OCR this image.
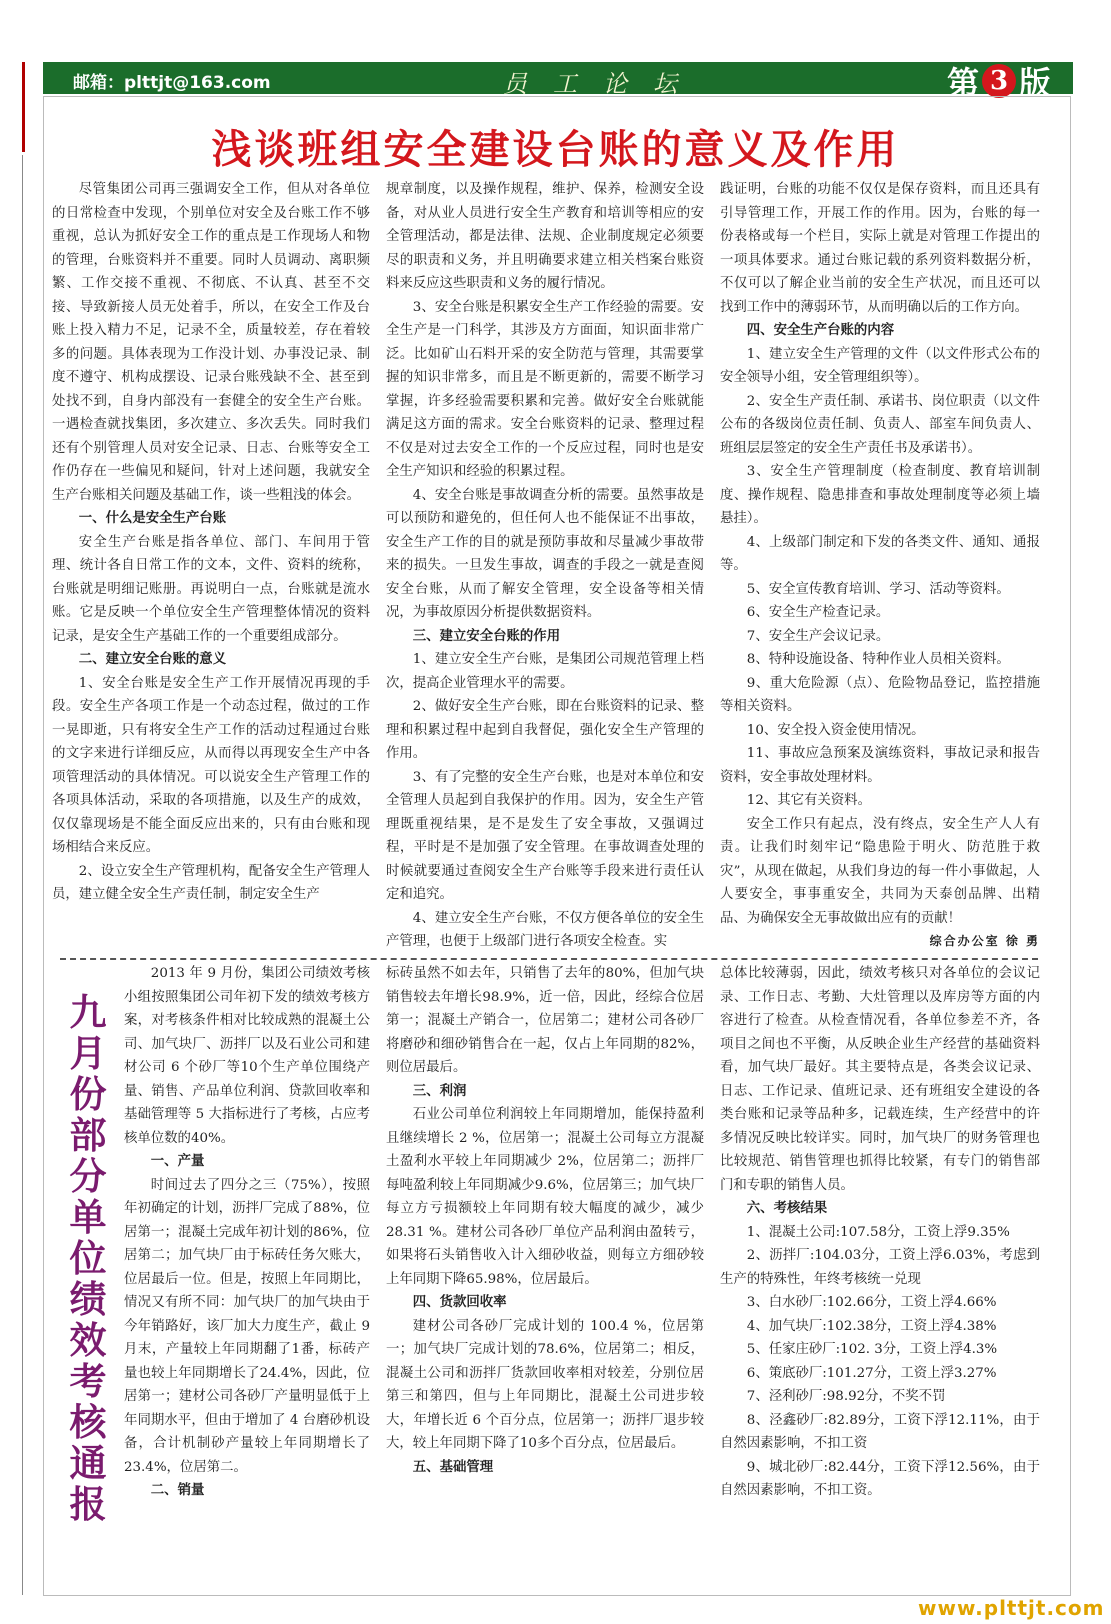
邮箱：plttjt@163.com	员工论坛	第 3 版
浅谈班组安全建设台账的意义及作用

尽管集团公司再三强调安全工作，但从对各单位的日常检查中发现，个别单位对安全及台账工作不够重视，总认为抓好安全工作的重点是工作现场人和物的管理，台账资料并不重要。同时人员调动、离职频繁、工作交接不重视、不彻底、不认真、甚至不交接、导致新接人员无处着手，所以，在安全工作及台账上投入精力不足，记录不全，质量较差，存在着较多的问题。具体表现为工作没计划、办事没记录、制度不遵守、机构成摆设、记录台账残缺不全、甚至到处找不到，自身内部没有一套健全的安全生产台账。一遇检查就找集团，多次建立、多次丢失。同时我们还有个别管理人员对安全记录、日志、台账等安全工作仍存在一些偏见和疑问，针对上述问题，我就安全生产台账相关问题及基础工作，谈一些粗浅的体会。

一、什么是安全生产台账

安全生产台账是指各单位、部门、车间用于管理、统计各自日常工作的文本，文件、资料的统称，台账就是明细记账册。再说明白一点，台账就是流水账。它是反映一个单位安全生产管理整体情况的资料记录，是安全生产基础工作的一个重要组成部分。

二、建立安全台账的意义

1、安全台账是安全生产工作开展情况再现的手段。安全生产各项工作是一个动态过程，做过的工作一晃即逝，只有将安全生产工作的活动过程通过台账的文字来进行详细反应，从而得以再现安全生产中各项管理活动的具体情况。可以说安全生产管理工作的各项具体活动，采取的各项措施，以及生产的成效，仅仅靠现场是不能全面反应出来的，只有由台账和现场相结合来反应。

2、设立安全生产管理机构，配备安全生产管理人员，建立健全安全生产责任制，制定安全生产

规章制度，以及操作规程，维护、保养，检测安全设备，对从业人员进行安全生产教育和培训等相应的安全管理活动，都是法律、法规、企业制度规定必须要尽的职责和义务，并且明确要求建立相关档案台账资料来反应这些职责和义务的履行情况。

3、安全台账是积累安全生产工作经验的需要。安全生产是一门科学，其涉及方方面面，知识面非常广泛。比如矿山石料开采的安全防范与管理，其需要掌握的知识非常多，而且是不断更新的，需要不断学习掌握，许多经验需要积累和完善。做好安全台账就能满足这方面的需求。安全台账资料的记录、整理过程不仅是对过去安全工作的一个反应过程，同时也是安全生产知识和经验的积累过程。

4、安全台账是事故调查分析的需要。虽然事故是可以预防和避免的，但任何人也不能保证不出事故，安全生产工作的目的就是预防事故和尽量减少事故带来的损失。一旦发生事故，调查的手段之一就是查阅安全台账，从而了解安全管理，安全设备等相关情况，为事故原因分析提供数据资料。

三、建立安全台账的作用

1、建立安全生产台账，是集团公司规范管理上档次，提高企业管理水平的需要。

2、做好安全生产台账，即在台账资料的记录、整理和积累过程中起到自我督促，强化安全生产管理的作用。

3、有了完整的安全生产台账，也是对本单位和安全管理人员起到自我保护的作用。因为，安全生产管理既重视结果，是不是发生了安全事故，又强调过程，平时是不是加强了安全管理。在事故调查处理的时候就要通过查阅安全生产台账等手段来进行责任认定和追究。

4、建立安全生产台账，不仅方便各单位的安全生产管理，也便于上级部门进行各项安全检查。实

践证明，台账的功能不仅仅是保存资料，而且还具有引导管理工作，开展工作的作用。因为，台账的每一份表格或每一个栏目，实际上就是对管理工作提出的一项具体要求。通过台账记载的系列资料数据分析，不仅可以了解企业当前的安全生产状况，而且还可以找到工作中的薄弱环节，从而明确以后的工作方向。

四、安全生产台账的内容

1、建立安全生产管理的文件（以文件形式公布的安全领导小组，安全管理组织等）。

2、安全生产责任制、承诺书、岗位职责（以文件公布的各级岗位责任制、负责人、部室车间负责人、班组层层签定的安全生产责任书及承诺书）。

3、安全生产管理制度（检查制度、教育培训制度、操作规程、隐患排查和事故处理制度等必须上墙悬挂）。

4、上级部门制定和下发的各类文件、通知、通报等。

5、安全宣传教育培训、学习、活动等资料。

6、安全生产检查记录。

7、安全生产会议记录。

8、特种设施设备、特种作业人员相关资料。

9、重大危险源（点）、危险物品登记，监控措施等相关资料。

10、安全投入资金使用情况。

11、事故应急预案及演练资料，事故记录和报告资料，安全事故处理材料。

12、其它有关资料。

安全工作只有起点，没有终点，安全生产人人有责。让我们时刻牢记“隐患险于明火、防范胜于救灾”，从现在做起，从我们身边的每一件小事做起，人人要安全，事事重安全，共同为天泰创品牌、出精品、为确保安全无事故做出应有的贡献！

综合办公室 徐 勇

九月份部分单位绩效考核通报

2013 年 9 月份，集团公司绩效考核小组按照集团公司年初下发的绩效考核方案，对考核条件相对比较成熟的混凝土公司、加气块厂、沥拌厂以及石业公司和建材公司 6 个砂厂等10个生产单位围绕产量、销售、产品单位利润、贷款回收率和基础管理等 5 大指标进行了考核，占应考核单位数的40%。

一、产量

时间过去了四分之三（75%），按照年初确定的计划，沥拌厂完成了88%，位居第一；混凝土完成年初计划的86%，位居第二；加气块厂由于标砖任务欠账大，位居最后一位。但是，按照上年同期比，情况又有所不同：加气块厂的加气块由于今年销路好，该厂加大力度生产，截止 9 月末，产量较上年同期翻了1番，标砖产量也较上年同期增长了24.4%，因此，位居第一；建材公司各砂厂产量明显低于上年同期水平，但由于增加了 4 台磨砂机设备，合计机制砂产量较上年同期增长了23.4%，位居第二。

二、销量

标砖虽然不如去年，只销售了去年的80%，但加气块销售较去年增长98.9%，近一倍，因此，经综合位居第一；混凝土产销合一，位居第二；建材公司各砂厂将磨砂和细砂销售合在一起，仅占上年同期的82%，则位居最后。

三、利润

石业公司单位利润较上年同期增加，能保持盈利且继续增长 2 %，位居第一；混凝土公司每立方混凝土盈利水平较上年同期减少 2%，位居第二；沥拌厂每吨盈利较上年同期减少9.6%，位居第三；加气块厂每立方亏损额较上年同期有较大幅度的减少，减少 28.31 %。建材公司各砂厂单位产品利润由盈转亏，如果将石头销售收入计入细砂收益，则每立方细砂较上年同期下降65.98%，位居最后。

四、货款回收率

建材公司各砂厂完成计划的 100.4 %，位居第一；加气块厂完成计划的78.6%，位居第二；相反，混凝土公司和沥拌厂货款回收率相对较差，分别位居第三和第四，但与上年同期比，混凝土公司进步较大，年增长近 6 个百分点，位居第一；沥拌厂退步较大，较上年同期下降了10多个百分点，位居最后。

五、基础管理

总体比较薄弱，因此，绩效考核只对各单位的会议记录、工作日志、考勤、大灶管理以及库房等方面的内容进行了检查。从检查情况看，各单位参差不齐，各项目之间也不平衡，从反映企业生产经营的基础资料看，加气块厂最好。其主要特点是，各类会议记录、日志、工作记录、值班记录、还有班组安全建设的各类台账和记录等品种多，记载连续，生产经营中的许多情况反映比较详实。同时，加气块厂的财务管理也比较规范、销售管理也抓得比较紧，有专门的销售部门和专职的销售人员。

六、考核结果

1、混凝土公司:107.58分，工资上浮9.35%

2、沥拌厂:104.03分，工资上浮6.03%，考虑到生产的特殊性，年终考核统一兑现

3、白水砂厂:102.66分，工资上浮4.66%

4、加气块厂:102.38分，工资上浮4.38%

5、任家庄砂厂:102. 3分，工资上浮4.3%

6、策底砂厂:101.27分，工资上浮3.27%

7、泾利砂厂:98.92分，不奖不罚

8、泾鑫砂厂:82.89分，工资下浮12.11%，由于自然因素影响，不扣工资

9、城北砂厂:82.44分，工资下浮12.56%，由于自然因素影响，不扣工资。

www.plttjt.com
